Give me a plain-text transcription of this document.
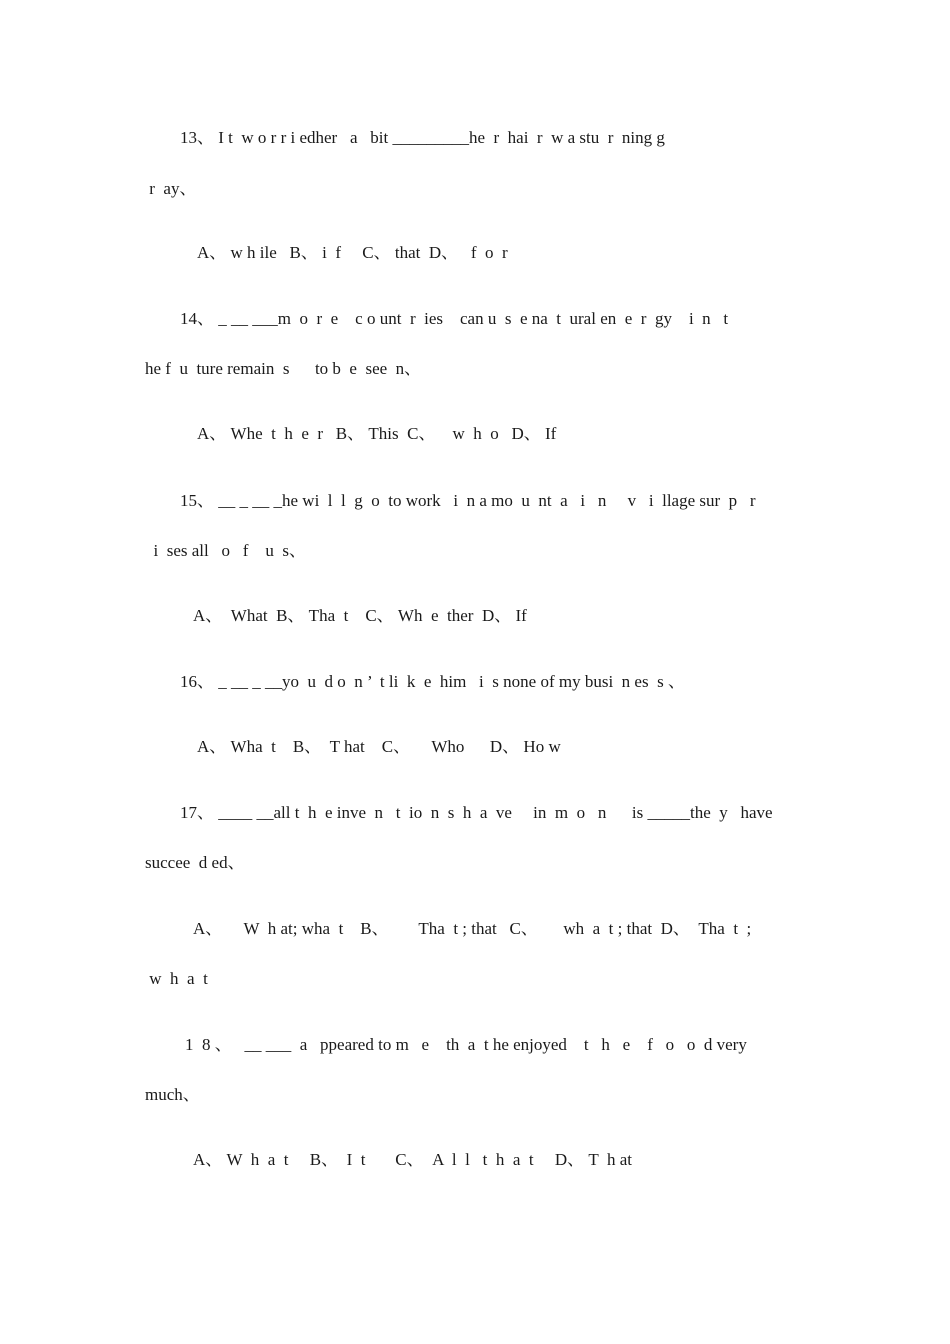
13、 I t  w o r r i edher   a   bit _________he  r  hai  r  w a stu  r  ning g
r  ay、
A、 w h ile   B、 i  f     C、 that  D、   f  o  r
14、 _ __ ___m  o  r  e    c o unt  r  ies    can u  s  e na  t  ural en  e  r  gy    i  n   t
he f  u  ture remain  s      to b  e  see  n、
A、 Whe  t  h  e  r   B、 This  C、    w  h  o   D、 If
15、 __ _ __ _he wi  l  l  g  o  to work   i  n a mo  u  nt  a   i   n     v   i  llage sur  p   r
i  ses all   o   f    u  s、
A、  What  B、 Tha  t    C、 Wh  e  ther  D、 If
16、 _ __ _ __yo  u  d o  n ’  t li  k  e  him   i  s none of my busi  n es  s 、
A、 Wha  t    B、  T hat    C、     Who      D、 Ho w
17、 ____ __all t  h  e inve  n   t  io  n  s  h  a  ve     in  m  o   n      is _____the  y   have
succee  d ed、
A、     W  h at; wha  t    B、       Tha  t ; that   C、      wh  a  t ; that  D、  Tha  t  ;
w  h  a  t
1  8 、   __ ___  a   ppeared to m   e    th  a  t he enjoyed    t   h   e    f   o   o  d very
much、
A、 W  h  a  t     B、  I  t       C、  A  l  l   t  h  a  t     D、 T  h at
